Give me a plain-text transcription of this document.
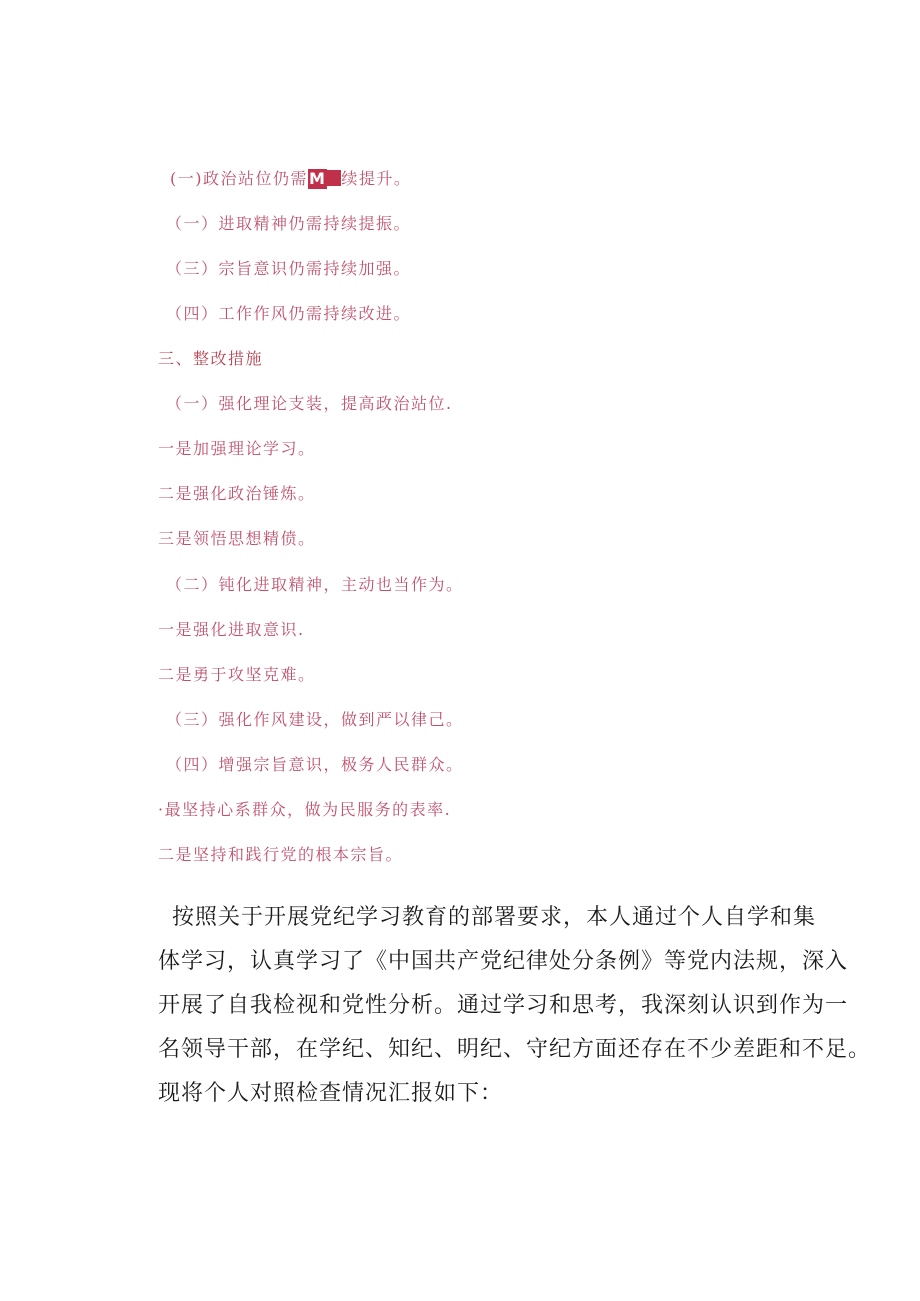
(一)政治站位仍需M 续提升。
（一）进取精神仍需持续提振。
（三）宗旨意识仍需持续加强。
（四）工作作风仍需持续改进。
三、整改措施
（一）强化理论支装，提高政治站位.
一是加强理论学习。
二是强化政治锤炼。
三是领悟思想精偾。
（二）钝化进取精神，主动也当作为。
一是强化进取意识.
二是勇于攻坚克难。
（三）强化作风建设，做到严以律己。
（四）增强宗旨意识，极务人民群众。
·最坚持心系群众，做为民服务的表率.
二是坚持和践行党的根本宗旨。
按照关于开展党纪学习教育的部署要求，本人通过个人自学和集
体学习，认真学习了《中国共产党纪律处分条例》等党内法规，深入
开展了自我检视和党性分析。通过学习和思考，我深刻认识到作为一
名领导干部，在学纪、知纪、明纪、守纪方面还存在不少差距和不足。
现将个人对照检查情况汇报如下：
